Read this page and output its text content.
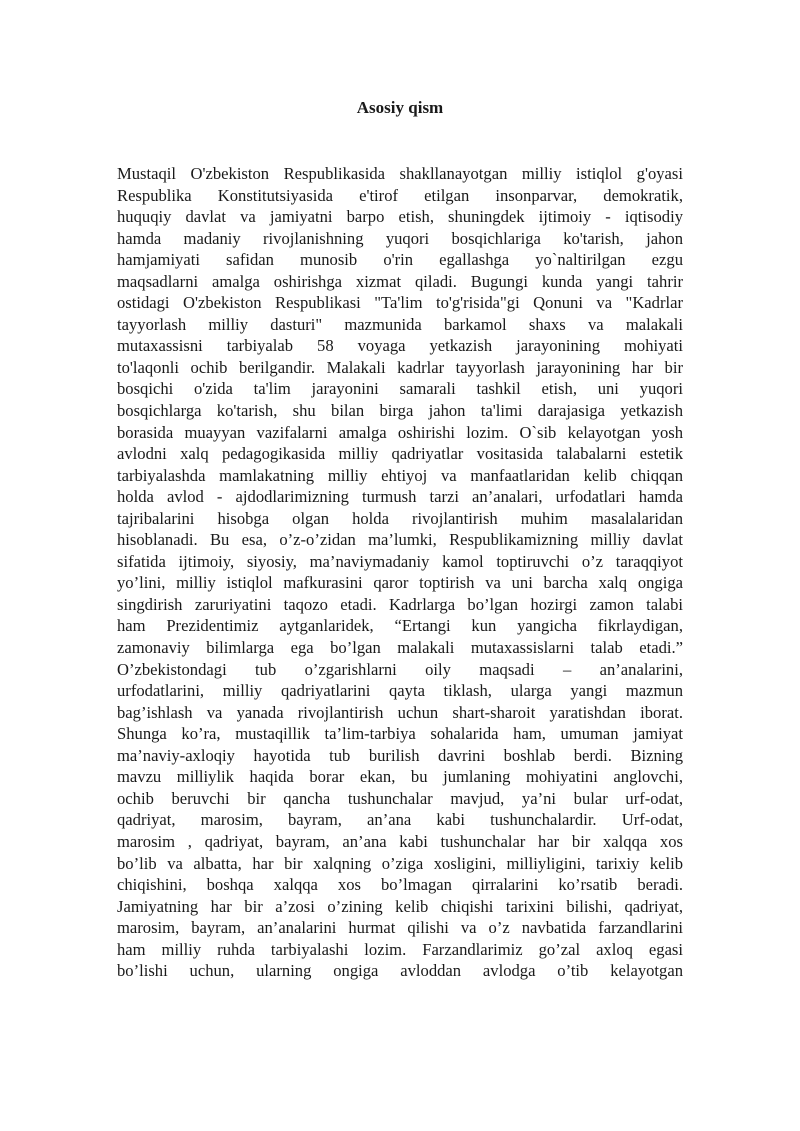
Asosiy qism
Mustaqil O'zbekiston Respublikasida shakllanayotgan milliy istiqlol g'oyasi
Respublika Konstitutsiyasida e'tirof etilgan insonparvar, demokratik,
huquqiy davlat va jamiyatni barpo etish, shuningdek ijtimoiy - iqtisodiy
hamda madaniy rivojlanishning yuqori bosqichlariga ko'tarish, jahon
hamjamiyati safidan munosib o'rin egallashga yo`naltirilgan ezgu
maqsadlarni amalga oshirishga xizmat qiladi. Bugungi kunda yangi tahrir
ostidagi O'zbekiston Respublikasi "Ta'lim to'g'risida"gi Qonuni va "Kadrlar
tayyorlash milliy dasturi" mazmunida barkamol shaxs va malakali
mutaxassisni tarbiyalab 58 voyaga yetkazish jarayonining mohiyati
to'laqonli ochib berilgandir. Malakali kadrlar tayyorlash jarayonining har bir
bosqichi o'zida ta'lim jarayonini samarali tashkil etish, uni yuqori
bosqichlarga ko'tarish, shu bilan birga jahon ta'limi darajasiga yetkazish
borasida muayyan vazifalarni amalga oshirishi lozim. O`sib kelayotgan yosh
avlodni xalq pedagogikasida milliy qadriyatlar vositasida talabalarni estetik
tarbiyalashda mamlakatning milliy ehtiyoj va manfaatlaridan kelib chiqqan
holda avlod - ajdodlarimizning turmush tarzi an’analari, urfodatlari hamda
tajribalarini hisobga olgan holda rivojlantirish muhim masalalaridan
hisoblanadi. Bu esa, o’z-o’zidan ma’lumki, Respublikamizning milliy davlat
sifatida ijtimoiy, siyosiy, ma’naviymadaniy kamol toptiruvchi o’z taraqqiyot
yo’lini, milliy istiqlol mafkurasini qaror toptirish va uni barcha xalq ongiga
singdirish zaruriyatini taqozo etadi. Kadrlarga bo’lgan hozirgi zamon talabi
ham Prezidentimiz aytganlaridek, “Ertangi kun yangicha fikrlaydigan,
zamonaviy bilimlarga ega bo’lgan malakali mutaxassislarni talab etadi.”
O’zbekistondagi tub o’zgarishlarni oily maqsadi – an’analarini,
urfodatlarini, milliy qadriyatlarini qayta tiklash, ularga yangi mazmun
bag’ishlash va yanada rivojlantirish uchun shart-sharoit yaratishdan iborat.
Shunga ko’ra, mustaqillik ta’lim-tarbiya sohalarida ham, umuman jamiyat
ma’naviy-axloqiy hayotida tub burilish davrini boshlab berdi. Bizning
mavzu milliylik haqida borar ekan, bu jumlaning mohiyatini anglovchi,
ochib beruvchi bir qancha tushunchalar mavjud, ya’ni bular urf-odat,
qadriyat, marosim, bayram, an’ana kabi tushunchalardir. Urf-odat,
marosim , qadriyat, bayram, an’ana kabi tushunchalar har bir xalqqa xos
bo’lib va albatta, har bir xalqning o’ziga xosligini, milliyligini, tarixiy kelib
chiqishini, boshqa xalqqa xos bo’lmagan qirralarini ko’rsatib beradi.
Jamiyatning har bir a’zosi o’zining kelib chiqishi tarixini bilishi, qadriyat,
marosim, bayram, an’analarini hurmat qilishi va o’z navbatida farzandlarini
ham milliy ruhda tarbiyalashi lozim. Farzandlarimiz go’zal axloq egasi
bo’lishi uchun, ularning ongiga avloddan avlodga o’tib kelayotgan
